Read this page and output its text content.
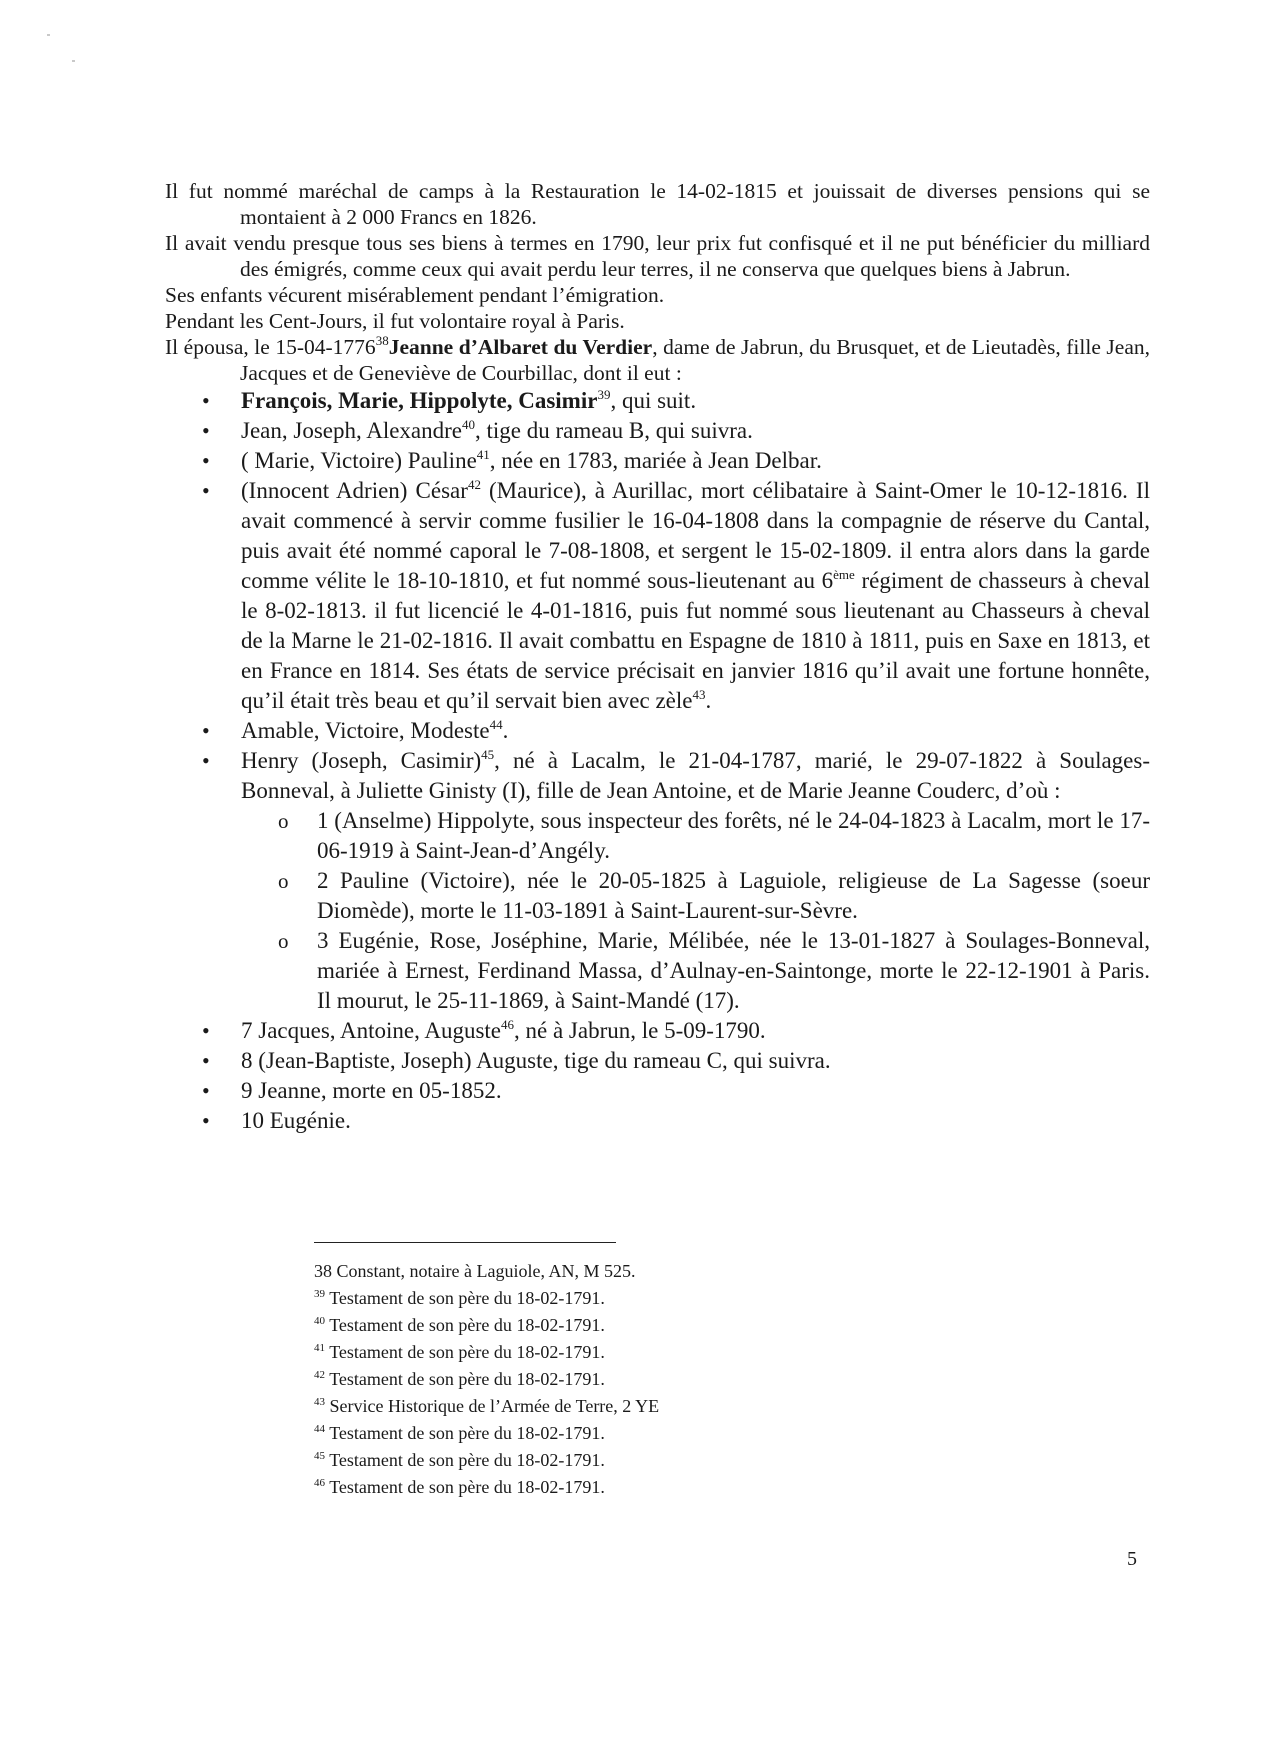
Il fut nommé maréchal de camps à la Restauration le 14-02-1815 et jouissait de diverses pensions qui se montaient à 2 000 Francs en 1826.

Il avait vendu presque tous ses biens à termes en 1790, leur prix fut confisqué et il ne put bénéficier du milliard des émigrés, comme ceux qui avait perdu leur terres, il ne conserva que quelques biens à Jabrun.

Ses enfants vécurent misérablement pendant l’émigration.

Pendant les Cent-Jours, il fut volontaire royal à Paris.

Il épousa, le 15-04-1776$^{38}$Jeanne d’Albaret du Verdier, dame de Jabrun, du Brusquet, et de Lieutadès, fille Jean, Jacques et de Geneviève de Courbillac, dont il eut :

• François, Marie, Hippolyte, Casimir$^{39}$, qui suit.
• Jean, Joseph, Alexandre$^{40}$, tige du rameau B, qui suivra.
• ( Marie, Victoire) Pauline$^{41}$, née en 1783, mariée à Jean Delbar.
• (Innocent Adrien) César$^{42}$ (Maurice), à Aurillac, mort célibataire à Saint-Omer le 10-12-1816. Il avait commencé à servir comme fusilier le 16-04-1808 dans la compagnie de réserve du Cantal, puis avait été nommé caporal le 7-08-1808, et sergent le 15-02-1809. il entra alors dans la garde comme vélite le 18-10-1810, et fut nommé sous-lieutenant au 6ème régiment de chasseurs à cheval le 8-02-1813. il fut licencié le 4-01-1816, puis fut nommé sous lieutenant au Chasseurs à cheval de la Marne le 21-02-1816. Il avait combattu en Espagne de 1810 à 1811, puis en Saxe en 1813, et en France en 1814. Ses états de service précisait en janvier 1816 qu’il avait une fortune honnête, qu’il était très beau et qu’il servait bien avec zèle$^{43}$.
• Amable, Victoire, Modeste$^{44}$.
• Henry (Joseph, Casimir)$^{45}$, né à Lacalm, le 21-04-1787, marié, le 29-07-1822 à Soulages-Bonneval, à Juliette Ginisty (I), fille de Jean Antoine, et de Marie Jeanne Couderc, d’où :
o 1 (Anselme) Hippolyte, sous inspecteur des forêts, né le 24-04-1823 à Lacalm, mort le 17-06-1919 à Saint-Jean-d’Angély.
o 2 Pauline (Victoire), née le 20-05-1825 à Laguiole, religieuse de La Sagesse (soeur Diomède), morte le 11-03-1891 à Saint-Laurent-sur-Sèvre.
o 3 Eugénie, Rose, Joséphine, Marie, Mélibée, née le 13-01-1827 à Soulages-Bonneval, mariée à Ernest, Ferdinand Massa, d’Aulnay-en-Saintonge, morte le 22-12-1901 à Paris. Il mourut, le 25-11-1869, à Saint-Mandé (17).
• 7 Jacques, Antoine, Auguste$^{46}$, né à Jabrun, le 5-09-1790.
• 8 (Jean-Baptiste, Joseph) Auguste, tige du rameau C, qui suivra.
• 9 Jeanne, morte en 05-1852.
• 10 Eugénie.
38 Constant, notaire à Laguiole, AN, M 525.
$^{39}$ Testament de son père du 18-02-1791.
$^{40}$ Testament de son père du 18-02-1791.
$^{41}$ Testament de son père du 18-02-1791.
$^{42}$ Testament de son père du 18-02-1791.
$^{43}$ Service Historique de l’Armée de Terre, 2 YE
$^{44}$ Testament de son père du 18-02-1791.
$^{45}$ Testament de son père du 18-02-1791.
$^{46}$ Testament de son père du 18-02-1791.
5
